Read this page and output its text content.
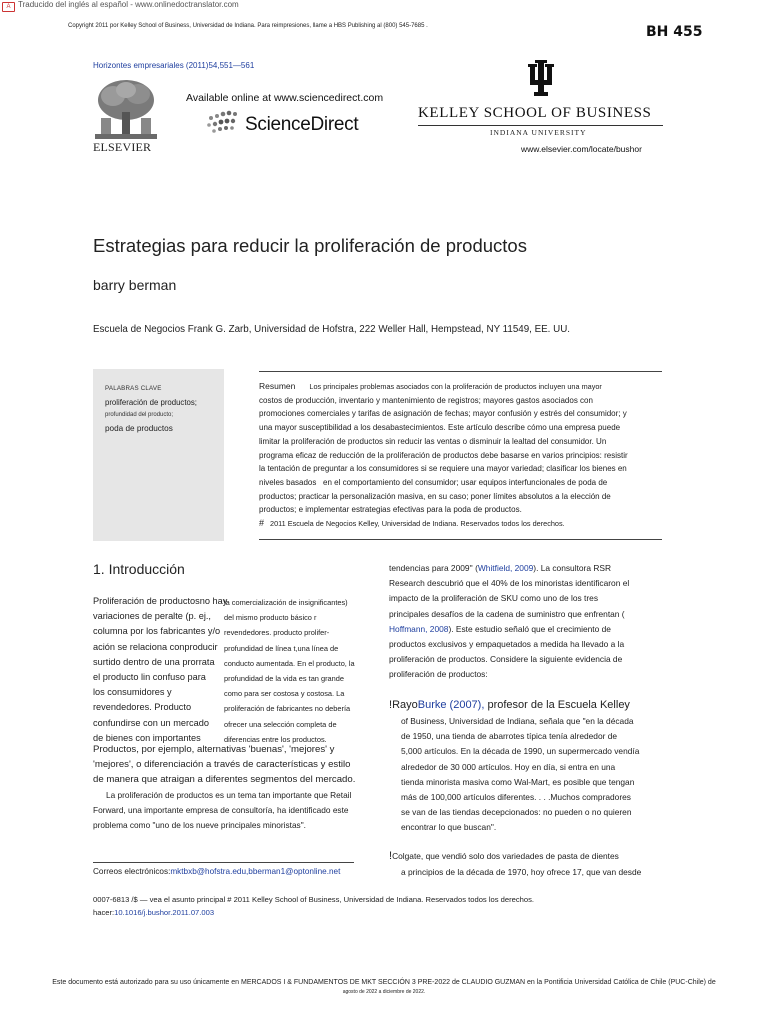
A Traducido del inglés al español - www.onlinedoctranslator.com
Copyright 2011 por Kelley School of Business, Universidad de Indiana. Para reimpresiones, llame a HBS Publishing al (800) 545-7685 .	BH 455
Horizontes empresariales (2011)54,551—561
ELSEVIER
Available online at www.sciencedirect.com
ScienceDirect
KELLEY SCHOOL OF BUSINESS
INDIANA UNIVERSITY
www.elsevier.com/locate/bushor
Estrategias para reducir la proliferación de productos
barry berman
Escuela de Negocios Frank G. Zarb, Universidad de Hofstra, 222 Weller Hall, Hempstead, NY 11549, EE. UU.
PALABRAS CLAVE
proliferación de productos;
profundidad del producto;
poda de productos
Resumen Los principales problemas asociados con la proliferación de productos incluyen una mayor
costos de producción, inventario y mantenimiento de registros; mayores gastos asociados con
promociones comerciales y tarifas de asignación de fechas; mayor confusión y estrés del consumidor; y
una mayor susceptibilidad a los desabastecimientos. Este artículo describe cómo una empresa puede
limitar la proliferación de productos sin reducir las ventas o disminuir la lealtad del consumidor. Un
programa eficaz de reducción de la proliferación de productos debe basarse en varios principios: resistir
la tentación de preguntar a los consumidores si se requiere una mayor variedad; clasificar los bienes en
niveles basados   en el comportamiento del consumidor; usar equipos interfuncionales de poda de
productos; practicar la personalización masiva, en su caso; poner límites absolutos a la elección de
productos; e implementar estrategias efectivas para la poda de productos.
# 2011 Escuela de Negocios Kelley, Universidad de Indiana. Reservados todos los derechos.
1. Introducción
Proliferación de productosno hay
variaciones de peralte (p. ej.,
columna por los fabricantes y/o
ación se relaciona conproducir
surtido dentro de una prorrata
el producto lin confuso para
los consumidores y
revendedores. Producto
confundirse con un mercado
de bienes con importantes
la comercialización de insignificantes)
del mismo producto básico r
revendedores. producto prolifer-
profundidad de línea t,una línea de
conducto aumentada. En el producto, la
profundidad de la vida es tan grande
como para ser costosa y costosa. La
proliferación de fabricantes no debería
ofrecer una selección completa de
diferencias entre los productos.
Productos, por ejemplo, alternativas 'buenas', 'mejores' y
'mejores', o diferenciación a través de características y estilo
de manera que atraigan a diferentes segmentos del mercado.
La proliferación de productos es un tema tan importante que Retail
Forward, una importante empresa de consultoría, ha identificado este
problema como "uno de los nueve principales minoristas".
Correos electrónicos:mktbxb@hofstra.edu,bberman1@optonline.net
tendencias para 2009'' (Whitfield, 2009). La consultora RSR
Research descubrió que el 40% de los minoristas identificaron el
impacto de la proliferación de SKU como uno de los tres
principales desafíos de la cadena de suministro que enfrentan (
Hoffmann, 2008). Este estudio señaló que el crecimiento de
productos exclusivos y empaquetados a medida ha llevado a la
proliferación de productos. Considere la siguiente evidencia de
proliferación de productos:
!RayoBurke (2007), profesor de la Escuela Kelley
of Business, Universidad de Indiana, señala que "en la década
de 1950, una tienda de abarrotes típica tenía alrededor de
5,000 artículos. En la década de 1990, un supermercado vendía
alrededor de 30 000 artículos. Hoy en día, si entra en una
tienda minorista masiva como Wal-Mart, es posible que tengan
más de 100,000 artículos diferentes. . . .Muchos compradores
se van de las tiendas decepcionados: no pueden o no quieren
encontrar lo que buscan".
!Colgate, que vendió solo dos variedades de pasta de dientes
a principios de la década de 1970, hoy ofrece 17, que van desde
0007-6813 /$ — vea el asunto principal # 2011 Kelley School of Business, Universidad de Indiana. Reservados todos los derechos.
hacer:10.1016/j.bushor.2011.07.003
Este documento está autorizado para su uso únicamente en MERCADOS I & FUNDAMENTOS DE MKT SECCIÓN 3 PRE-2022 de CLAUDIO GUZMAN en la Pontificia Universidad Católica de Chile (PUC-Chile) de
agosto de 2022 a diciembre de 2022.
